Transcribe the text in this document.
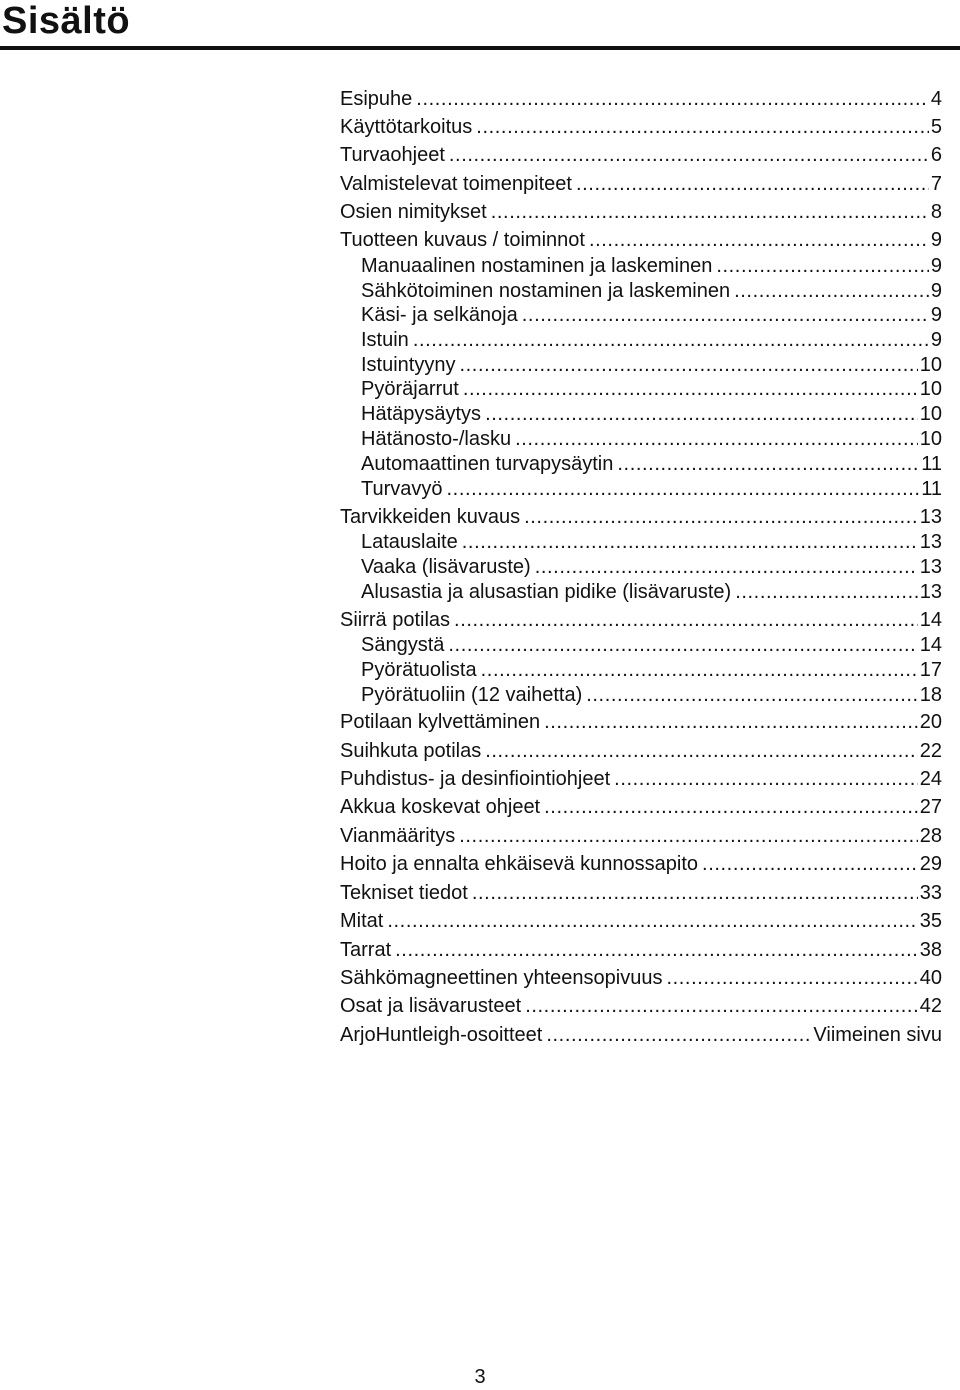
Sisältö
Esipuhe .....	4
Käyttötarkoitus .....	5
Turvaohjeet .....	6
Valmistelevat toimenpiteet .....	7
Osien nimitykset .....	8
Tuotteen kuvaus / toiminnot .....	9
Manuaalinen nostaminen ja laskeminen .....	9
Sähkötoiminen nostaminen ja laskeminen .....	9
Käsi- ja selkänoja .....	9
Istuin .....	9
Istuintyyny .....	10
Pyöräjarrut .....	10
Hätäpysäytys .....	10
Hätänosto-/lasku .....	10
Automaattinen turvapysäytin .....	11
Turvavyö .....	11
Tarvikkeiden kuvaus .....	13
Latauslaite .....	13
Vaaka (lisävaruste) .....	13
Alusastia ja alusastian pidike (lisävaruste) .....	13
Siirrä potilas .....	14
Sängystä .....	14
Pyörätuolista .....	17
Pyörätuoliin (12 vaihetta) .....	18
Potilaan kylvettäminen .....	20
Suihkuta potilas .....	22
Puhdistus- ja desinfiointiohjeet .....	24
Akkua koskevat ohjeet .....	27
Vianmääritys .....	28
Hoito ja ennalta ehkäisevä kunnossapito .....	29
Tekniset tiedot .....	33
Mitat .....	35
Tarrat .....	38
Sähkömagneettinen yhteensopivuus .....	40
Osat ja lisävarusteet .....	42
ArjoHuntleigh-osoitteet .....	Viimeinen sivu
3
